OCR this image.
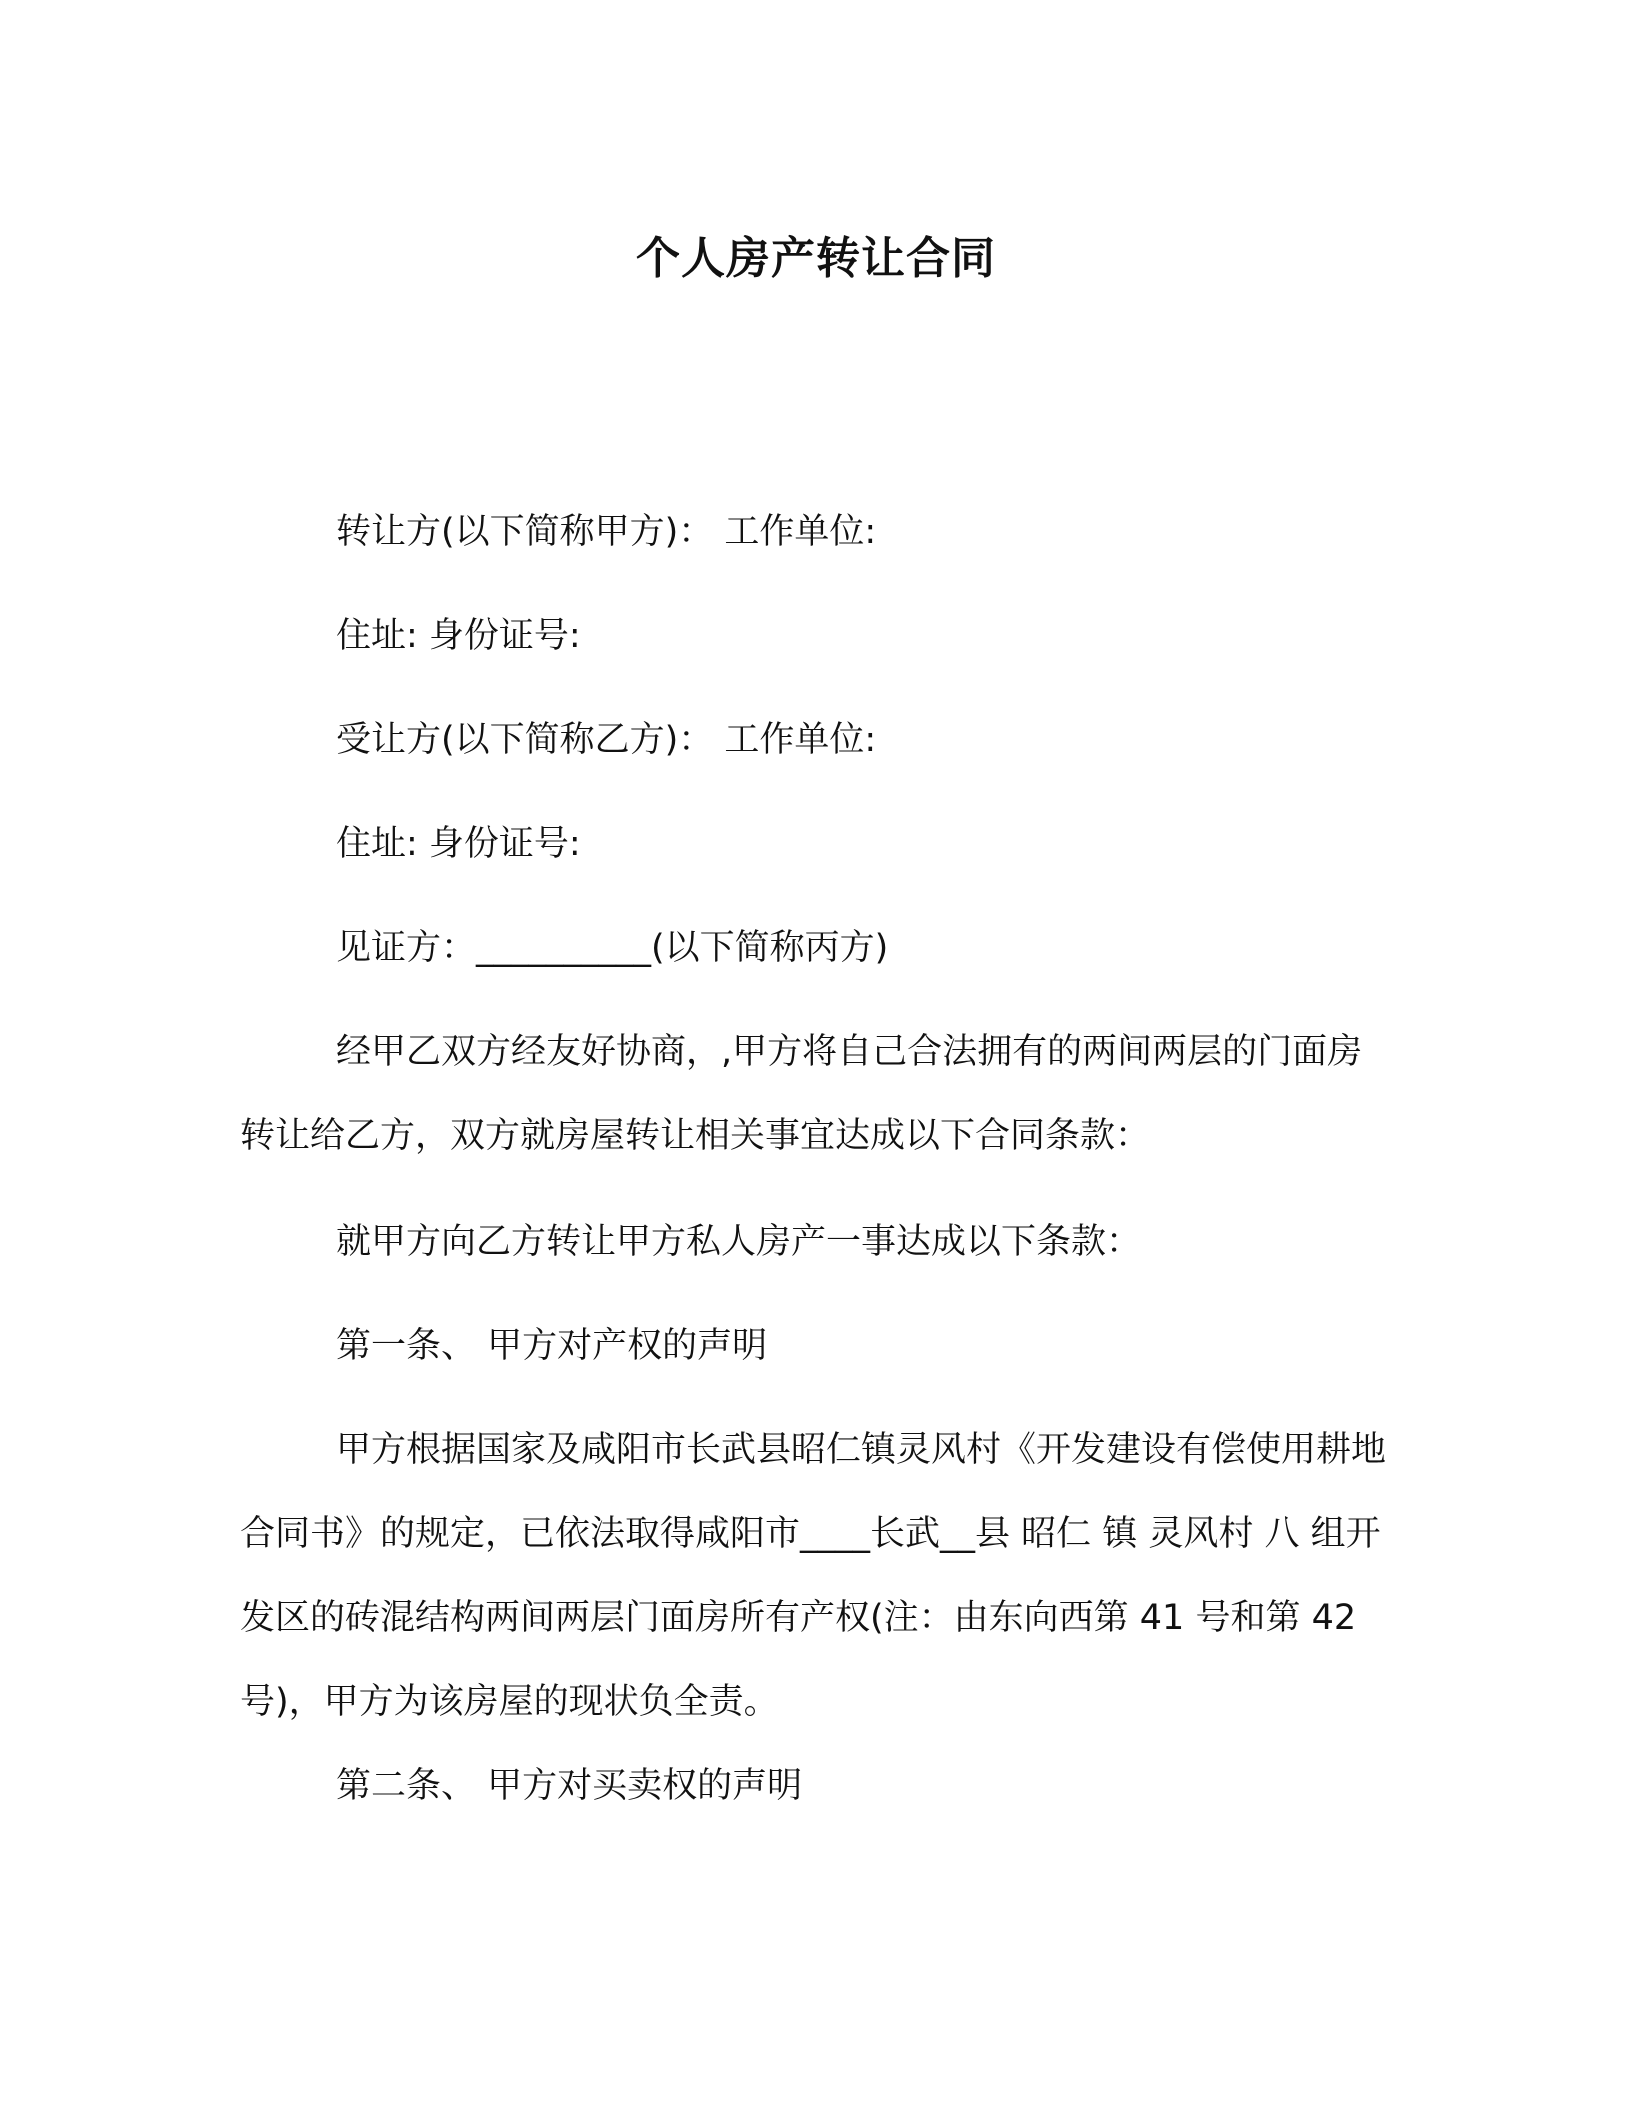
个人房产转让合同

转让方(以下简称甲方)： 工作单位:

住址: 身份证号:

受让方(以下简称乙方)： 工作单位:

住址: 身份证号:

见证方：__________(以下简称丙方)

经甲乙双方经友好协商，,甲方将自己合法拥有的两间两层的门面房转让给乙方，双方就房屋转让相关事宜达成以下合同条款：

就甲方向乙方转让甲方私人房产一事达成以下条款：

第一条、 甲方对产权的声明

甲方根据国家及咸阳市长武县昭仁镇灵风村《开发建设有偿使用耕地合同书》的规定，已依法取得咸阳市____长武__县 昭仁 镇 灵风村 八 组开发区的砖混结构两间两层门面房所有产权(注：由东向西第 41 号和第 42 号)，甲方为该房屋的现状负全责。

第二条、 甲方对买卖权的声明
